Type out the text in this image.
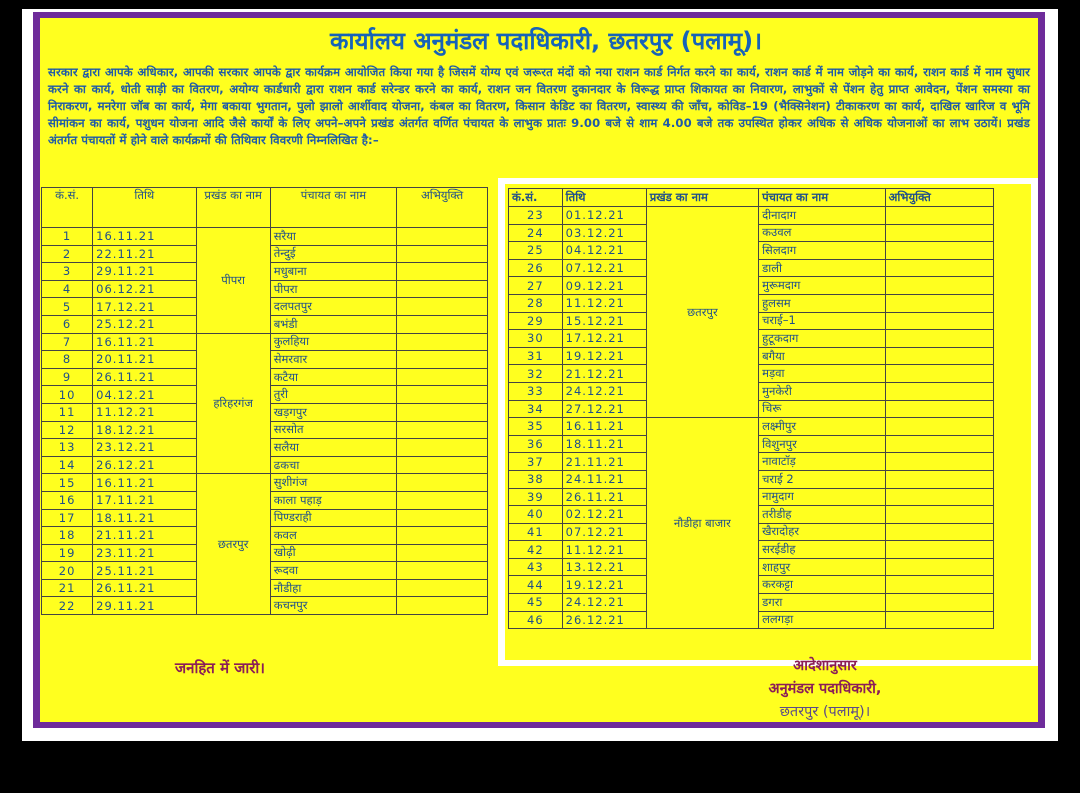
कार्यालय अनुमंडल पदाधिकारी, छतरपुर (पलामू)।
सरकार द्वारा आपके अधिकार, आपकी सरकार आपके द्वार कार्यक्रम आयोजित किया गया है जिसमें योग्य एवं जरूरत मंदों को नया राशन कार्ड निर्गत करने का कार्य, राशन कार्ड में नाम जोड़ने का कार्य, राशन कार्ड में नाम सुधार करने का कार्य, धोती साड़ी का वितरण, अयोग्य कार्डधारी द्वारा राशन कार्ड सरेन्डर करने का कार्य, राशन जन वितरण दुकानदार के विरूद्ध प्राप्त शिकायत का निवारण, लाभुकों से पेंशन हेतु प्राप्त आवेदन, पेंशन समस्या का निराकरण, मनरेगा जॉब का कार्य, मेगा बकाया भुगतान, पुलो झालो आर्शीवाद योजना, कंबल का वितरण, किसान केडिट का वितरण, स्वास्थ्य की जाँच, कोविड–19 (भैक्सिनेशन) टीकाकरण का कार्य, दाखिल खारिज व भूमि सीमांकन का कार्य, पशुधन योजना आदि जैसे कार्यों के लिए अपने–अपने प्रखंड अंतर्गत वर्णित पंचायत के लाभुक प्रातः 9.00 बजे से शाम 4.00 बजे तक उपस्थित होकर अधिक से अधिक योजनाओं का लाभ उठायें। प्रखंड अंतर्गत पंचायतों में होने वाले कार्यक्रमों की तिथिवार विवरणी निम्नलिखित है:–
कं.सं.	तिथि	प्रखंड का नाम	पंचायत का नाम	अभियुक्ति
1	16.11.21	पीपरा	सरैया	
2	22.11.21		तेन्दुई	
3	29.11.21		मधुबाना	
4	06.12.21		पीपरा	
5	17.12.21		दलपतपुर	
6	25.12.21		बभंडी	
7	16.11.21	हरिहरगंज	कुलहिया	
8	20.11.21		सेमरवार	
9	26.11.21		कटैया	
10	04.12.21		तुरी	
11	11.12.21		खड़गपुर	
12	18.12.21		सरसोत	
13	23.12.21		सलैया	
14	26.12.21		ढकचा	
15	16.11.21	छतरपुर	सुशीगंज	
16	17.11.21		काला पहाड़	
17	18.11.21		पिण्डराही	
18	21.11.21		कवल	
19	23.11.21		खोढ़ी	
20	25.11.21		रूदवा	
21	26.11.21		नौडीहा	
22	29.11.21		कचनपुर	
कं.सं.	तिथि	प्रखंड का नाम	पंचायत का नाम	अभियुक्ति
23	01.12.21	छतरपुर	दीनादाग	
24	03.12.21		कउवल	
25	04.12.21		सिलदाग	
26	07.12.21		डाली	
27	09.12.21		मुरूमदाग	
28	11.12.21		हुलसम	
29	15.12.21		चराई–1	
30	17.12.21		हुटूकदाग	
31	19.12.21		बगैया	
32	21.12.21		मड़वा	
33	24.12.21		मुनकेरी	
34	27.12.21		चिरू	
35	16.11.21	नौडीहा बाजार	लक्ष्मीपुर	
36	18.11.21		विशुनपुर	
37	21.11.21		नावाटॉड़	
38	24.11.21		चराई 2	
39	26.11.21		नामुदाग	
40	02.12.21		तरीडीह	
41	07.12.21		खैरादोहर	
42	11.12.21		सरईडीह	
43	13.12.21		शाहपुर	
44	19.12.21		करकट्टा	
45	24.12.21		डगरा	
46	26.12.21		ललगड़ा	
जनहित में जारी।	आदेशानुसार
अनुमंडल पदाधिकारी,
छतरपुर (पलामू)।
